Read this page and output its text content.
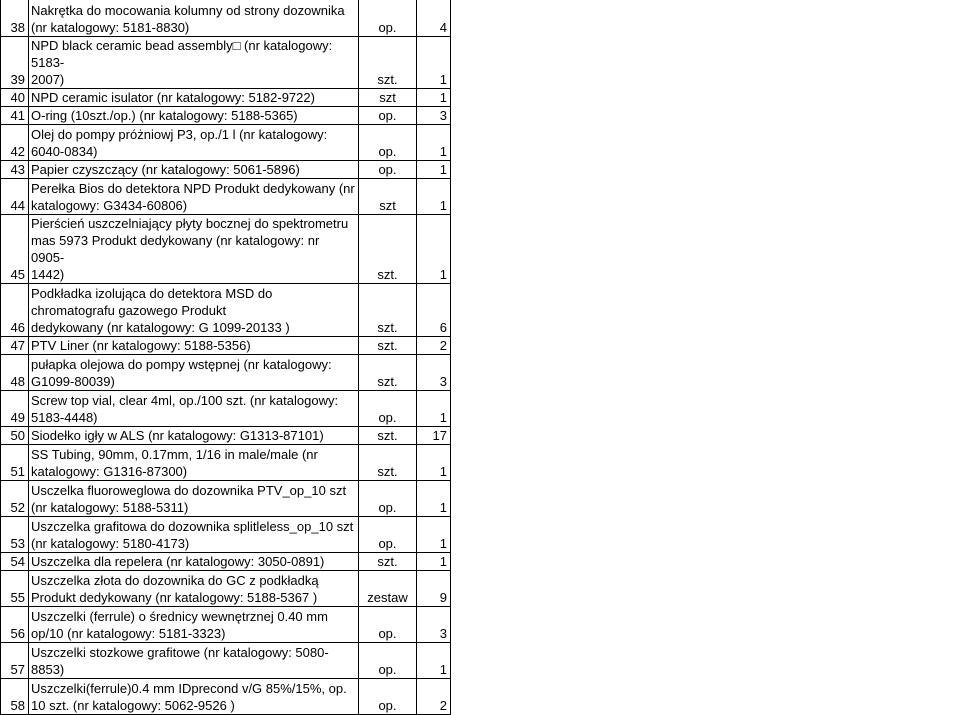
38	Nakrętka do mocowania kolumny od strony dozownika
(nr katalogowy: 5181-8830)	op.	4
39	NPD black ceramic bead assembly□ (nr katalogowy: 5183-
2007)	szt.	1
40	NPD ceramic isulator (nr katalogowy: 5182-9722)	szt	1
41	O-ring (10szt./op.) (nr katalogowy: 5188-5365)	op.	3
42	Olej do pompy próżniowj P3, op./1 l (nr katalogowy:
6040-0834)	op.	1
43	Papier czyszczący (nr katalogowy: 5061-5896)	op.	1
44	Perełka Bios do detektora NPD Produkt dedykowany (nr
katalogowy: G3434-60806)	szt	1
45	Pierścień uszczelniający płyty bocznej do spektrometru
mas 5973 Produkt dedykowany (nr katalogowy: nr 0905-
1442)	szt.	1
46	Podkładka izolująca do detektora MSD do
chromatografu gazowego Produkt
dedykowany (nr katalogowy: G 1099-20133 )	szt.	6
47	PTV Liner (nr katalogowy: 5188-5356)	szt.	2
48	pułapka olejowa do pompy wstępnej (nr katalogowy:
G1099-80039)	szt.	3
49	Screw top vial, clear 4ml, op./100 szt. (nr katalogowy:
5183-4448)	op.	1
50	Siodełko igły w ALS (nr katalogowy: G1313-87101)	szt.	17
51	SS Tubing, 90mm, 0.17mm, 1/16 in male/male (nr
katalogowy: G1316-87300)	szt.	1
52	Usczelka fluoroweglowa do dozownika PTV_op_10 szt
(nr katalogowy: 5188-5311)	op.	1
53	Uszczelka grafitowa do dozownika splitleless_op_10 szt
(nr katalogowy: 5180-4173)	op.	1
54	Uszczelka dla repelera (nr katalogowy: 3050-0891)	szt.	1
55	Uszczelka złota do dozownika do GC z podkładką
Produkt dedykowany (nr katalogowy: 5188-5367 )	zestaw	9
56	Uszczelki (ferrule) o średnicy wewnętrznej 0.40 mm
op/10 (nr katalogowy: 5181-3323)	op.	3
57	Uszczelki stozkowe grafitowe (nr katalogowy: 5080-
8853)	op.	1
58	Uszczelki(ferrule)0.4 mm IDprecond v/G 85%/15%, op.
10 szt. (nr katalogowy: 5062-9526 )	op.	2
